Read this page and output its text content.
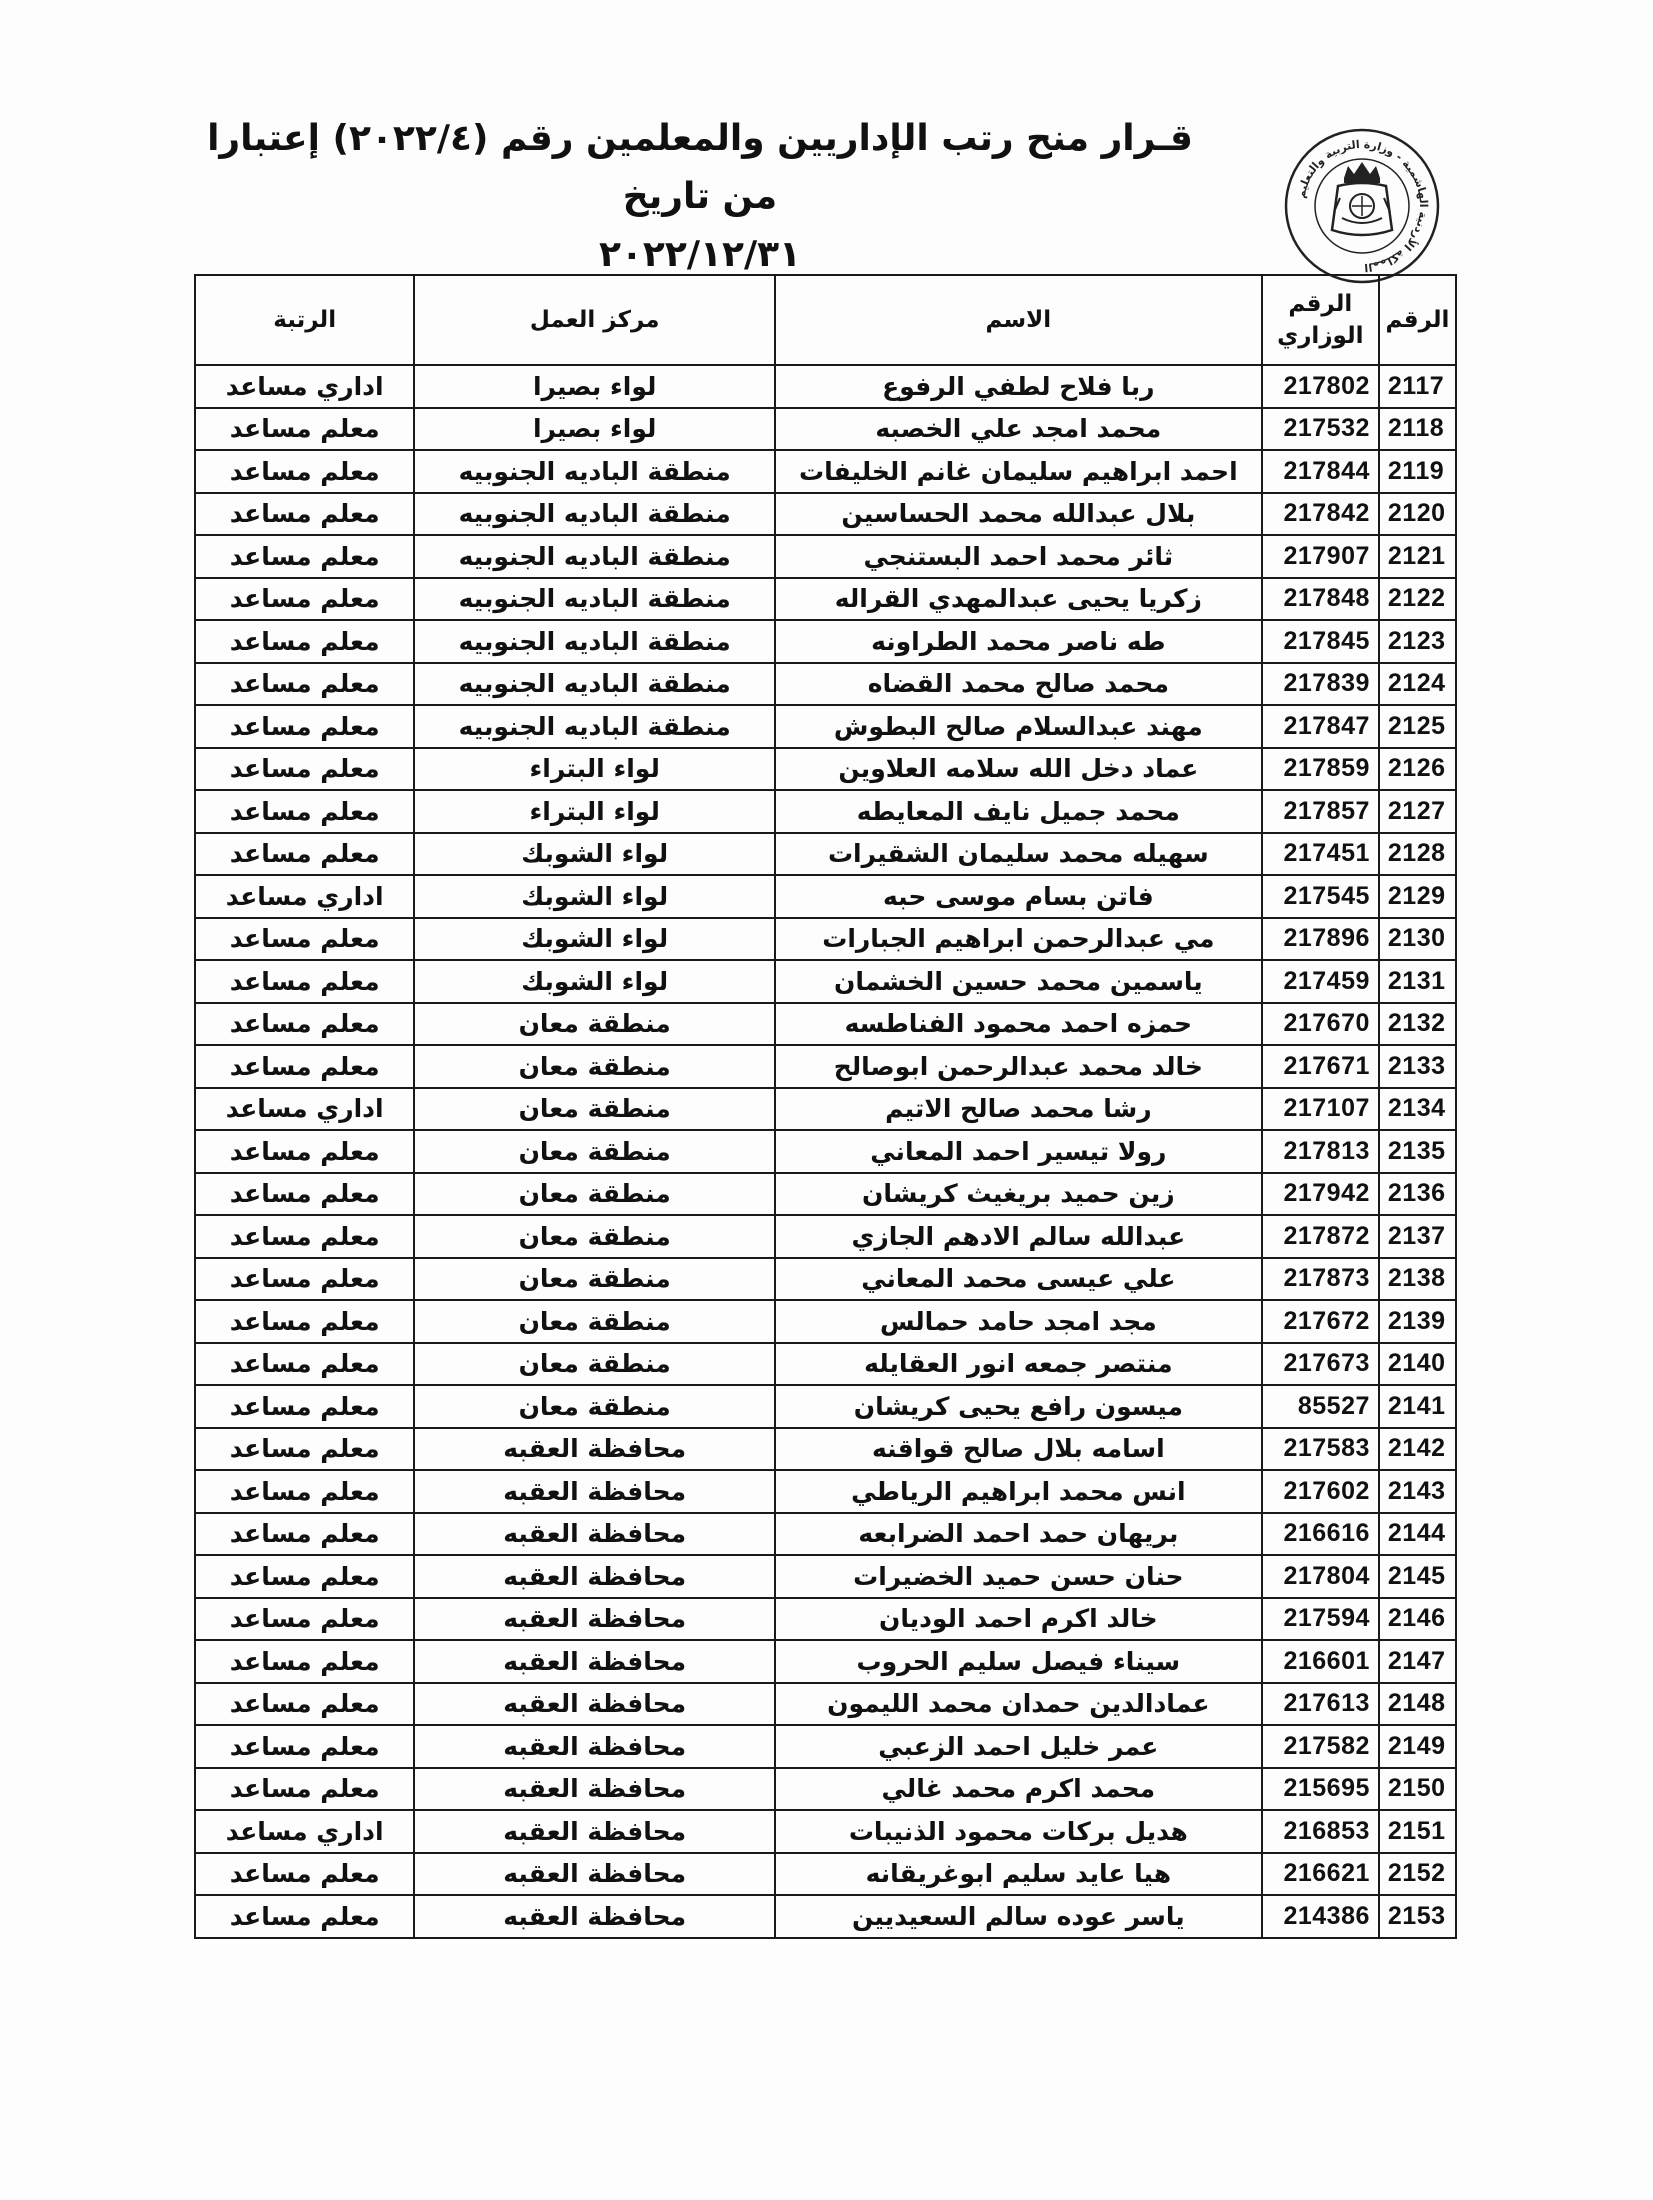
قـرار منح رتب الإداريين والمعلمين رقم (٢٠٢٢/٤) إعتبارا من تاريخ
٢٠٢٢/١٢/٣١
المملكة الأردنية الهاشمية - وزارة التربية والتعليم
الرقم	الرقم الوزاري	الاسم	مركز العمل	الرتبة
2117	217802	ربا فلاح لطفي الرفوع	لواء بصيرا	اداري مساعد
2118	217532	محمد امجد علي الخصبه	لواء بصيرا	معلم مساعد
2119	217844	احمد ابراهيم سليمان غانم الخليفات	منطقة الباديه الجنوبيه	معلم مساعد
2120	217842	بلال عبدالله محمد الحساسين	منطقة الباديه الجنوبيه	معلم مساعد
2121	217907	ثائر محمد احمد البستنجي	منطقة الباديه الجنوبيه	معلم مساعد
2122	217848	زكريا يحيى عبدالمهدي القراله	منطقة الباديه الجنوبيه	معلم مساعد
2123	217845	طه ناصر محمد الطراونه	منطقة الباديه الجنوبيه	معلم مساعد
2124	217839	محمد صالح محمد القضاه	منطقة الباديه الجنوبيه	معلم مساعد
2125	217847	مهند عبدالسلام صالح البطوش	منطقة الباديه الجنوبيه	معلم مساعد
2126	217859	عماد دخل الله سلامه العلاوين	لواء البتراء	معلم مساعد
2127	217857	محمد جميل نايف المعايطه	لواء البتراء	معلم مساعد
2128	217451	سهيله محمد سليمان الشقيرات	لواء الشوبك	معلم مساعد
2129	217545	فاتن بسام موسى حبه	لواء الشوبك	اداري مساعد
2130	217896	مي عبدالرحمن ابراهيم الجبارات	لواء الشوبك	معلم مساعد
2131	217459	ياسمين محمد حسين الخشمان	لواء الشوبك	معلم مساعد
2132	217670	حمزه احمد محمود الفناطسه	منطقة معان	معلم مساعد
2133	217671	خالد محمد عبدالرحمن ابوصالح	منطقة معان	معلم مساعد
2134	217107	رشا محمد صالح الاتيم	منطقة معان	اداري مساعد
2135	217813	رولا تيسير احمد المعاني	منطقة معان	معلم مساعد
2136	217942	زين حميد بريغيث كريشان	منطقة معان	معلم مساعد
2137	217872	عبدالله سالم الادهم الجازي	منطقة معان	معلم مساعد
2138	217873	علي عيسى محمد المعاني	منطقة معان	معلم مساعد
2139	217672	مجد امجد حامد حمالس	منطقة معان	معلم مساعد
2140	217673	منتصر جمعه انور العقايله	منطقة معان	معلم مساعد
2141	85527	ميسون رافع يحيى كريشان	منطقة معان	معلم مساعد
2142	217583	اسامه بلال صالح قواقنه	محافظة العقبه	معلم مساعد
2143	217602	انس محمد ابراهيم الرياطي	محافظة العقبه	معلم مساعد
2144	216616	بريهان حمد احمد الضرابعه	محافظة العقبه	معلم مساعد
2145	217804	حنان حسن حميد الخضيرات	محافظة العقبه	معلم مساعد
2146	217594	خالد اكرم احمد الوديان	محافظة العقبه	معلم مساعد
2147	216601	سيناء فيصل سليم الحروب	محافظة العقبه	معلم مساعد
2148	217613	عمادالدين حمدان محمد الليمون	محافظة العقبه	معلم مساعد
2149	217582	عمر خليل احمد الزعبي	محافظة العقبه	معلم مساعد
2150	215695	محمد اكرم محمد غالي	محافظة العقبه	معلم مساعد
2151	216853	هديل بركات محمود الذنيبات	محافظة العقبه	اداري مساعد
2152	216621	هيا عايد سليم ابوغريقانه	محافظة العقبه	معلم مساعد
2153	214386	ياسر عوده سالم السعيديين	محافظة العقبه	معلم مساعد
